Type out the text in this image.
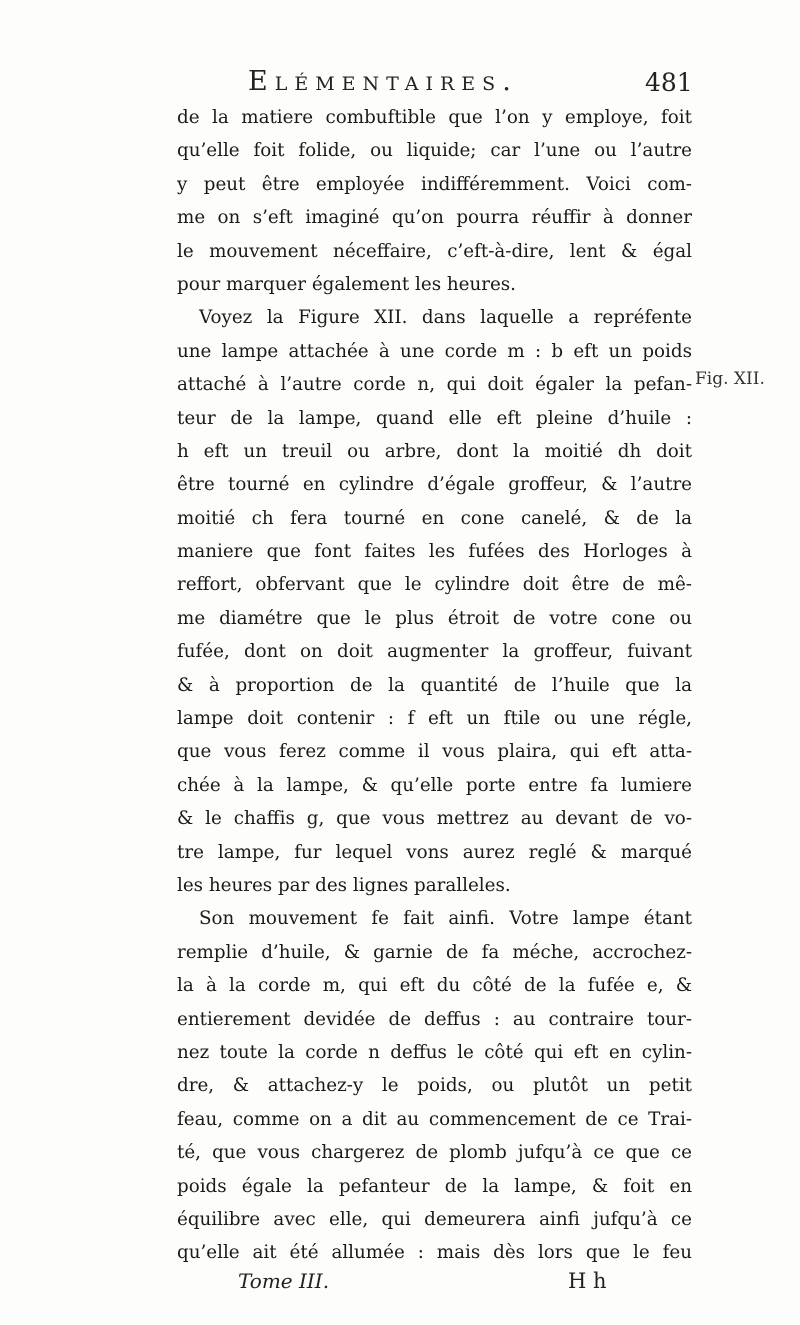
Elémentaires.	481
Fig. XII.
de la matiere combuftible que l’on y employe, foit
qu’elle foit folide, ou liquide; car l’une ou l’autre
y peut être employée indifféremment. Voici com-
me on s’eft imaginé qu’on pourra réuffir à donner
le mouvement néceffaire, c’eft-à-dire, lent & égal
pour marquer également les heures.
Voyez la Figure XII. dans laquelle a repréfente
une lampe attachée à une corde m : b eft un poids
attaché à l’autre corde n, qui doit égaler la pefan-
teur de la lampe, quand elle eft pleine d’huile :
h eft un treuil ou arbre, dont la moitié dh doit
être tourné en cylindre d’égale groffeur, & l’autre
moitié ch fera tourné en cone canelé, & de la
maniere que font faites les fufées des Horloges à
reffort, obfervant que le cylindre doit être de mê-
me diamétre que le plus étroit de votre cone ou
fufée, dont on doit augmenter la groffeur, fuivant
& à proportion de la quantité de l’huile que la
lampe doit contenir : f eft un ftile ou une régle,
que vous ferez comme il vous plaira, qui eft atta-
chée à la lampe, & qu’elle porte entre fa lumiere
& le chaffis g, que vous mettrez au devant de vo-
tre lampe, fur lequel vons aurez reglé & marqué
les heures par des lignes paralleles.
Son mouvement fe fait ainfi. Votre lampe étant
remplie d’huile, & garnie de fa méche, accrochez-
la à la corde m, qui eft du côté de la fufée e, &
entierement devidée de deffus : au contraire tour-
nez toute la corde n deffus le côté qui eft en cylin-
dre, & attachez-y le poids, ou plutôt un petit
feau, comme on a dit au commencement de ce Trai-
té, que vous chargerez de plomb jufqu’à ce que ce
poids égale la pefanteur de la lampe, & foit en
équilibre avec elle, qui demeurera ainfi jufqu’à ce
qu’elle ait été allumée : mais dès lors que le feu
Tome III.	H h
